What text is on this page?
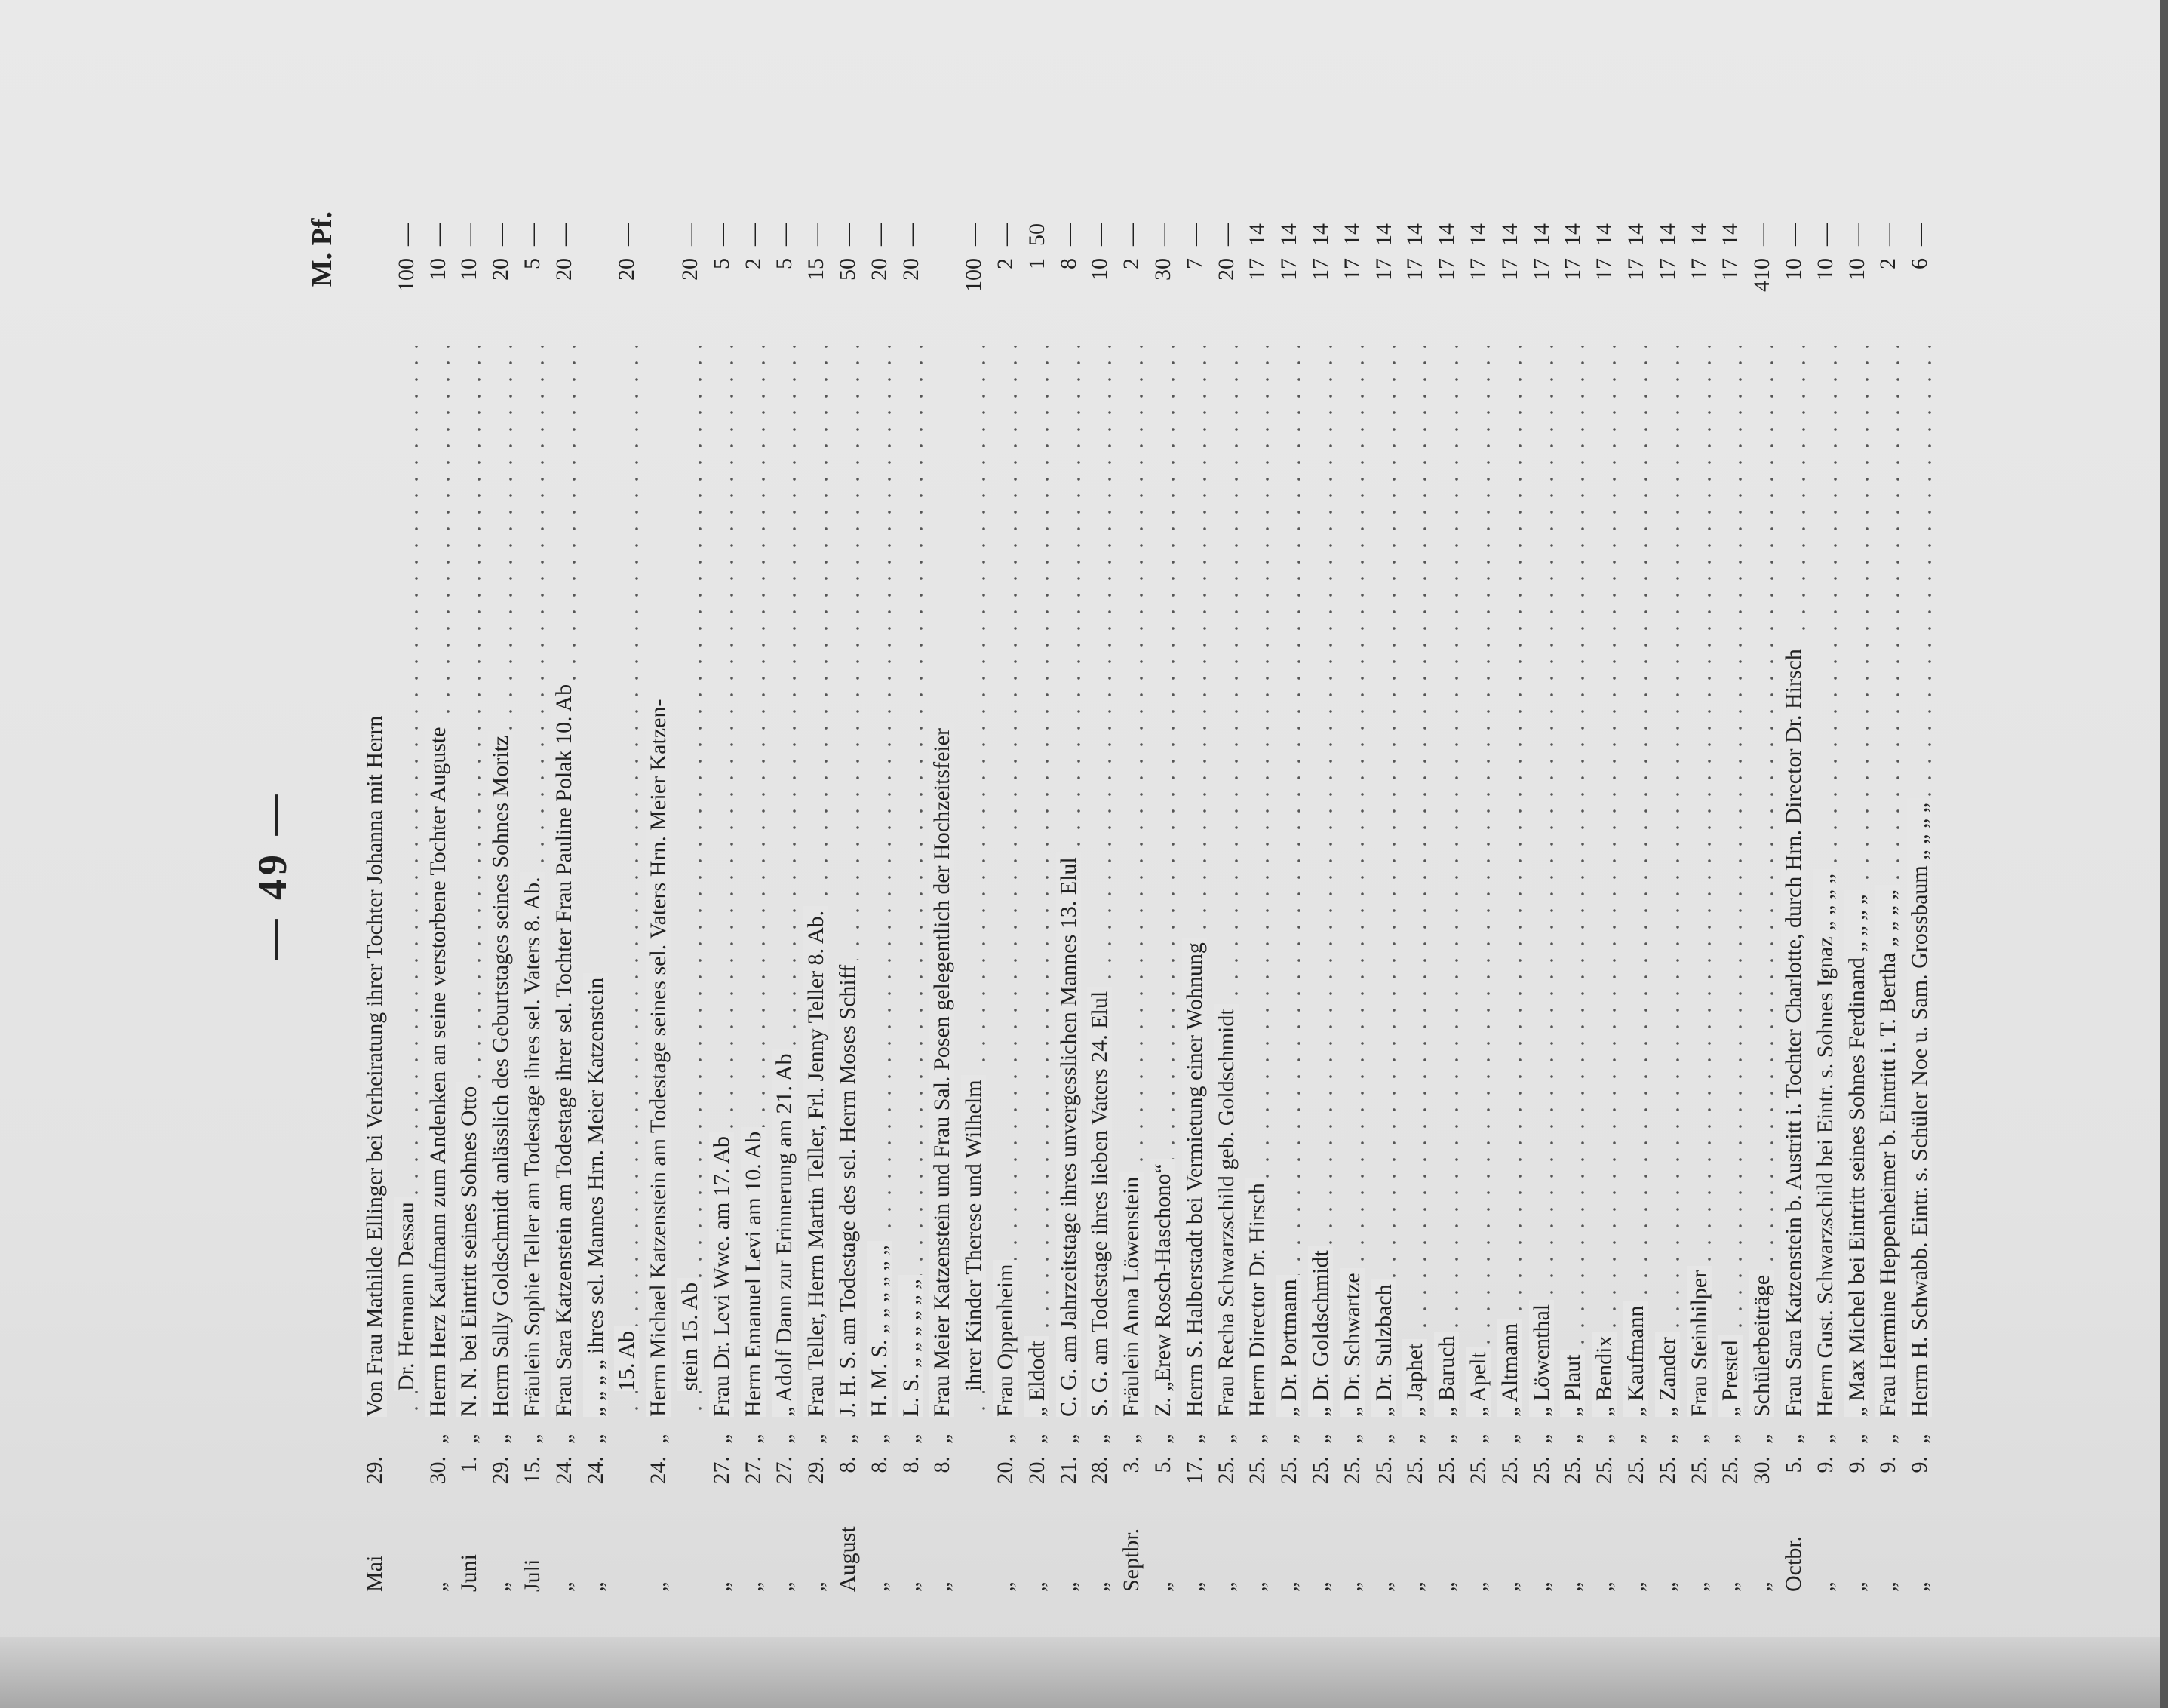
— 49 —
M. Pf.
Mai
29.
Von Frau Mathilde Ellinger bei Verheiratung ihrer Tochter Johanna mit Herrn Dr. Hermann Dessau
100
—
„
30.
„
Herrn Herz Kaufmann zum Andenken an seine verstorbene Tochter Auguste
10
—
Juni
1.
„
N. N. bei Eintritt seines Sohnes Otto
10
—
„
29.
„
Herrn Sally Goldschmidt anlässlich des Geburtstages seines Sohnes Moritz
20
—
Juli
15.
„
Fräulein Sophie Teller am Todestage ihres sel. Vaters 8. Ab.
5
—
„
24.
„
Frau Sara Katzenstein am Todestage ihrer sel. Tochter Frau Pauline Polak 10. Ab
20
—
„
24.
„
„ „ „ „ ihres sel. Mannes Hrn. Meier Katzenstein 15. Ab
20
—
„
24.
„
Herrn Michael Katzenstein am Todestage seines sel. Vaters Hrn. Meier Katzen- stein 15. Ab
20
—
„
27.
„
Frau Dr. Levi Wwe. am 17. Ab
5
—
„
27.
„
Herrn Emanuel Levi am 10. Ab
2
—
„
27.
„
„ Adolf Dann zur Erinnerung am 21. Ab
5
—
„
29.
„
Frau Teller, Herrn Martin Teller, Frl. Jenny Teller 8. Ab.
15
—
August
8.
„
J. H. S. am Todestage des sel. Herrn Moses Schiff
50
—
„
8.
„
H. M. S. „ „ „ „ „ „
20
—
„
8.
„
L. S. „ „ „ „ „ „
20
—
„
8.
„
Frau Meier Katzenstein und Frau Sal. Posen gelegentlich der Hochzeitsfeier ihrer Kinder Therese und Wilhelm
100
—
„
20.
„
Frau Oppenheim
2
—
„
20.
„
„ Eldodt
1
50
„
21.
„
C. G. am Jahrzeitstage ihres unvergesslichen Mannes 13. Elul
8
—
„
28.
„
S. G. am Todestage ihres lieben Vaters 24. Elul
10
—
Septbr.
3.
„
Fräulein Anna Löwenstein
2
—
„
5.
„
Z. „Erew Rosch-Haschono“
30
—
„
17.
„
Herrn S. Halberstadt bei Vermietung einer Wohnung
7
—
„
25.
„
Frau Recha Schwarzschild geb. Goldschmidt
20
—
„
25.
„
Herrn Director Dr. Hirsch
17
14
„
25.
„
„ Dr. Portmann
17
14
„
25.
„
„ Dr. Goldschmidt
17
14
„
25.
„
„ Dr. Schwartze
17
14
„
25.
„
„ Dr. Sulzbach
17
14
„
25.
„
„ Japhet
17
14
„
25.
„
„ Baruch
17
14
„
25.
„
„ Apelt
17
14
„
25.
„
„ Altmann
17
14
„
25.
„
„ Löwenthal
17
14
„
25.
„
„ Plaut
17
14
„
25.
„
„ Bendix
17
14
„
25.
„
„ Kaufmann
17
14
„
25.
„
„ Zander
17
14
„
25.
„
Frau Steinhilper
17
14
„
25.
„
„ Prestel
17
14
„
30.
„
Schülerbeiträge
410
—
Octbr.
5.
„
Frau Sara Katzenstein b. Austritt i. Tochter Charlotte, durch Hrn. Director Dr. Hirsch
10
—
„
9.
„
Herrn Gust. Schwarzschild bei Eintr. s. Sohnes Ignaz „ „ „ „
10
—
„
9.
„
„ Max Michel bei Eintritt seines Sohnes Ferdinand „ „ „ „
10
—
„
9.
„
Frau Hermine Heppenheimer b. Eintritt i. T. Bertha „ „ „ „
2
—
„
9.
„
Herrn H. Schwabb. Eintr. s. Schüler Noe u. Sam. Grossbaum „ „ „ „
6
—
